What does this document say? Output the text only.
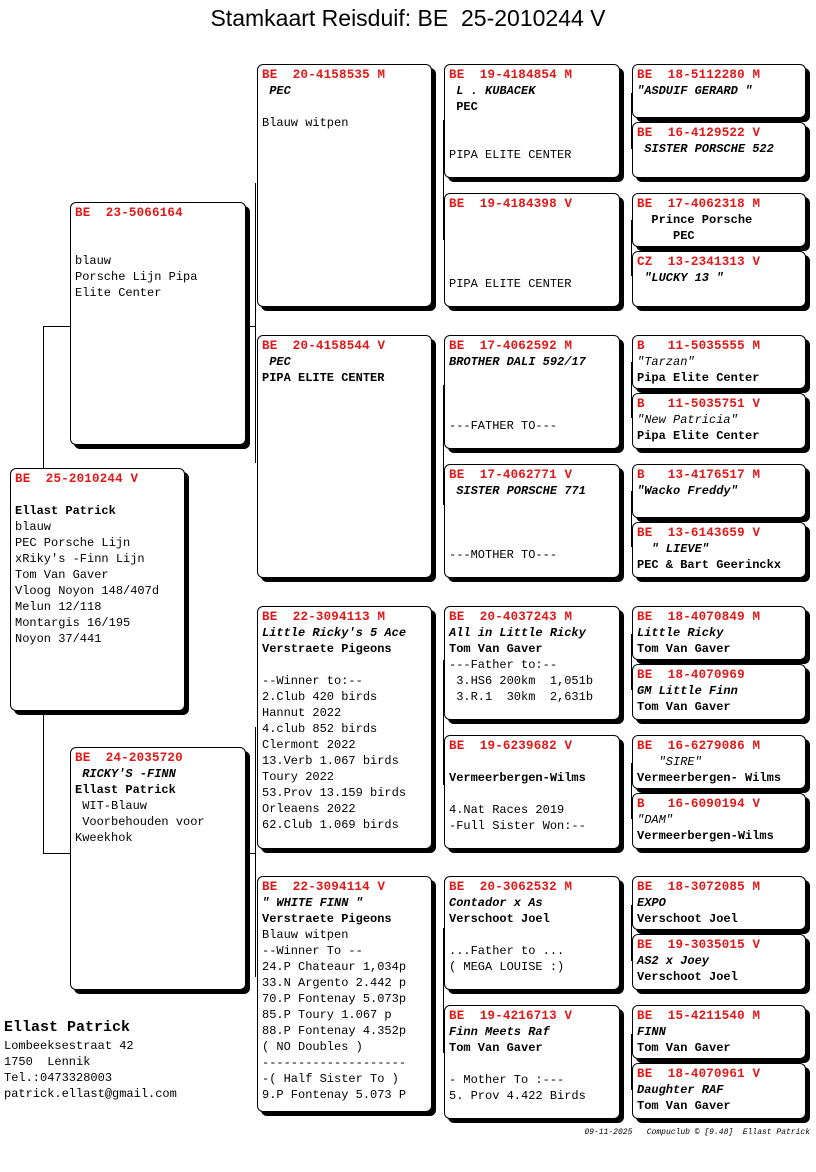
Stamkaart Reisduif: BE  25-2010244 V
BE  25-2010244 V

Ellast Patrick
blauw
PEC Porsche Lijn
xRiky's -Finn Lijn
Tom Van Gaver
Vloog Noyon 148/407d
Melun 12/118
Montargis 16/195
Noyon 37/441
BE  23-5066164

blauw
Porsche Lijn Pipa
Elite Center
BE  24-2035720
RICKY'S -FINN
Ellast Patrick
WIT-Blauw
Voorbehouden voor
Kweekhok
BE  20-4158535 M
PEC

Blauw witpen
BE  20-4158544 V
PEC
PIPA ELITE CENTER
BE  22-3094113 M
Little Ricky's 5 Ace
Verstraete Pigeons

--Winner to:--
2.Club 420 birds
Hannut 2022
4.club 852 birds
Clermont 2022
13.Verb 1.067 birds
Toury 2022
53.Prov 13.159 birds
Orleaens 2022
62.Club 1.069 birds
BE  22-3094114 V
" WHITE FINN "
Verstraete Pigeons
Blauw witpen
--Winner To --
24.P Chateaur 1,034p
33.N Argento 2.442 p
70.P Fontenay 5.073p
85.P Toury 1.067 p
88.P Fontenay 4.352p
( NO Doubles )
--------------------
-( Half Sister To )
9.P Fontenay 5.073 P
BE  19-4184854 M
L . KUBACEK
PEC

PIPA ELITE CENTER
BE  19-4184398 V

PIPA ELITE CENTER
BE  17-4062592 M
BROTHER DALI 592/17

---FATHER TO---
BE  17-4062771 V
SISTER PORSCHE 771

---MOTHER TO---
BE  20-4037243 M
All in Little Ricky
Tom Van Gaver
---Father to:--
3.HS6 200km  1,051b
3.R.1  30km  2,631b
BE  19-6239682 V

Vermeerbergen-Wilms

4.Nat Races 2019
-Full Sister Won:--
BE  20-3062532 M
Contador x As
Verschoot Joel

...Father to ...
( MEGA LOUISE :)
BE  19-4216713 V
Finn Meets Raf
Tom Van Gaver

- Mother To :---
5. Prov 4.422 Birds
BE  18-5112280 M
"ASDUIF GERARD "
BE  16-4129522 V
SISTER PORSCHE 522
BE  17-4062318 M
Prince Porsche
PEC
CZ  13-2341313 V
"LUCKY 13 "
B   11-5035555 M
"Tarzan"
Pipa Elite Center
B   11-5035751 V
"New Patricia"
Pipa Elite Center
B   13-4176517 M
"Wacko Freddy"
BE  13-6143659 V
" LIEVE"
PEC & Bart Geerinckx
BE  18-4070849 M
Little Ricky
Tom Van Gaver
BE  18-4070969
GM Little Finn
Tom Van Gaver
BE  16-6279086 M
"SIRE"
Vermeerbergen- Wilms
B   16-6090194 V
"DAM"
Vermeerbergen-Wilms
BE  18-3072085 M
EXPO
Verschoot Joel
BE  19-3035015 V
AS2 x Joey
Verschoot Joel
BE  15-4211540 M
FINN
Tom Van Gaver
BE  18-4070961 V
Daughter RAF
Tom Van Gaver
Ellast Patrick
Lombeeksestraat 42
1750  Lennik
Tel.:0473328003
patrick.ellast@gmail.com
09-11-2025   Compuclub © [9.48]  Ellast Patrick
